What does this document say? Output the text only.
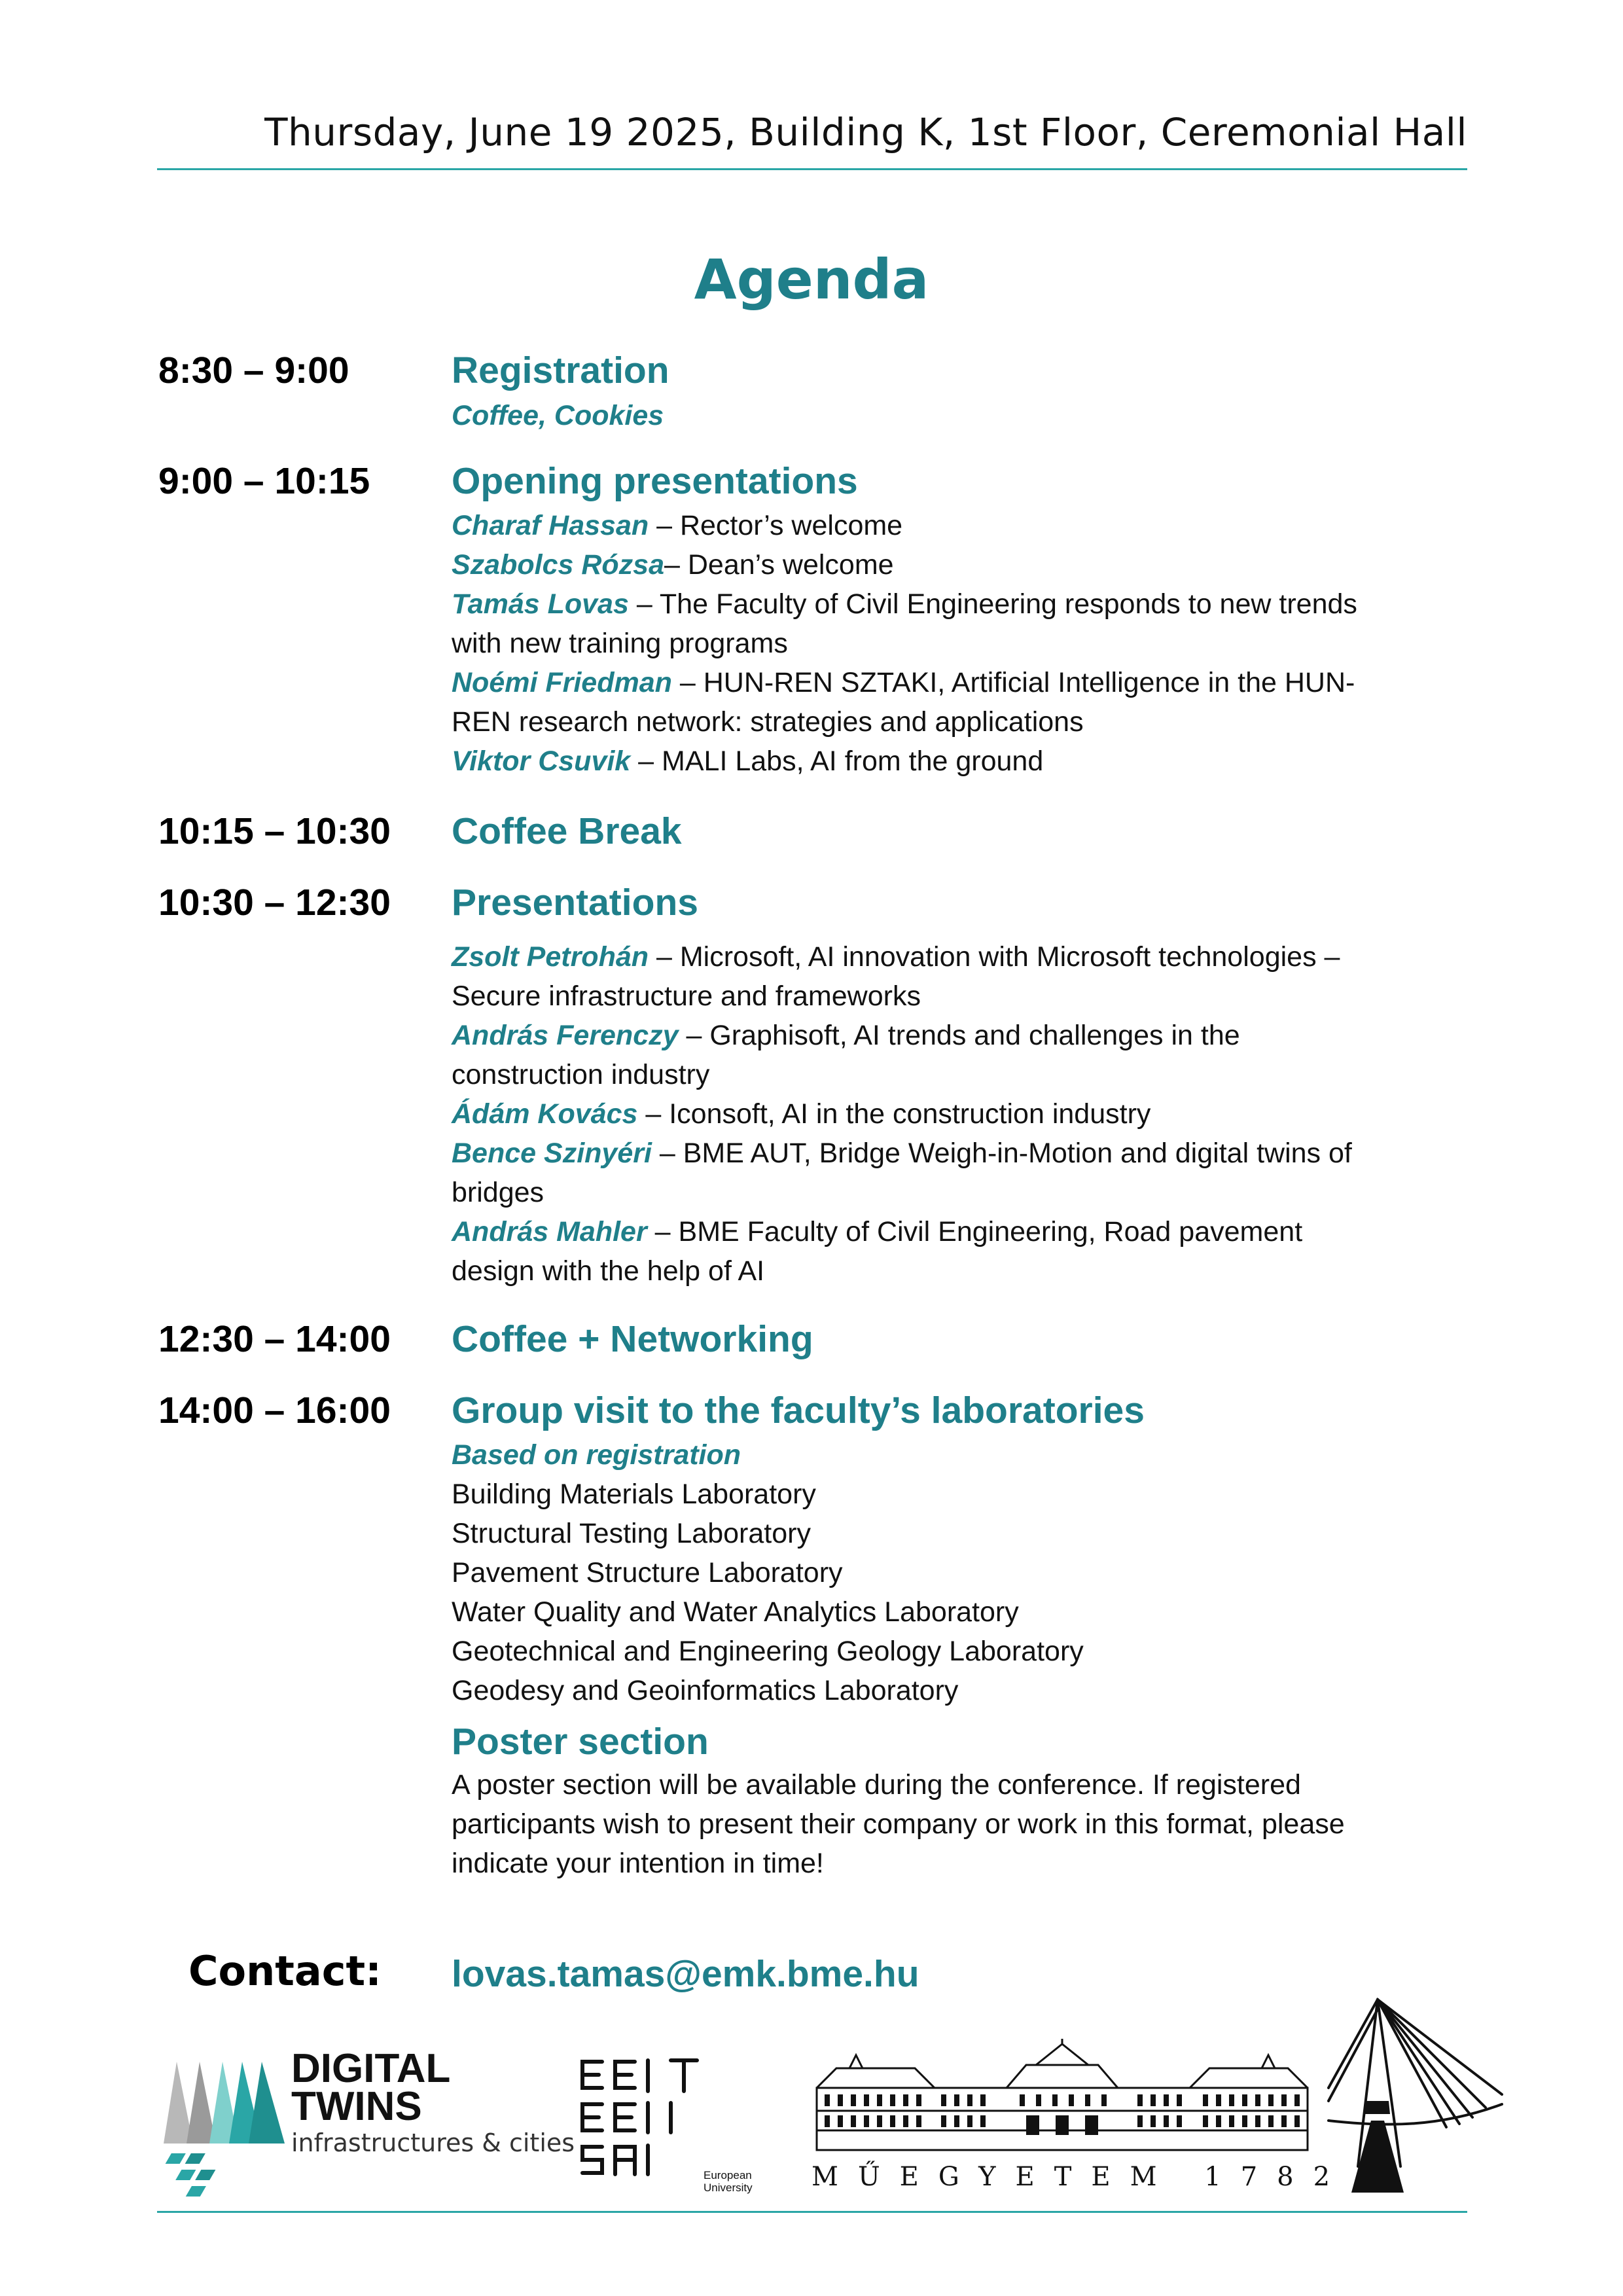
Thursday, June 19 2025, Building K, 1st Floor, Ceremonial Hall
Agenda
8:30 – 9:00	Registration
Coffee, Cookies
9:00 – 10:15 Opening presentations
Charaf Hassan – Rector’s welcome
Szabolcs Rózsa– Dean’s welcome
Tamás Lovas – The Faculty of Civil Engineering responds to new trends
with new training programs
Noémi Friedman – HUN-REN SZTAKI, Artificial Intelligence in the HUN-
REN research network: strategies and applications
Viktor Csuvik – MALI Labs, AI from the ground
10:15 – 10:30 Coffee Break
10:30 – 12:30 Presentations
Zsolt Petrohán – Microsoft, AI innovation with Microsoft technologies –
Secure infrastructure and frameworks
András Ferenczy – Graphisoft, AI trends and challenges in the
construction industry
Ádám Kovács – Iconsoft, AI in the construction industry
Bence Szinyéri – BME AUT, Bridge Weigh-in-Motion and digital twins of
bridges
András Mahler – BME Faculty of Civil Engineering, Road pavement
design with the help of AI
12:30 – 14:00 Coffee + Networking
14:00 – 16:00 Group visit to the faculty’s laboratories
Based on registration
Building Materials Laboratory
Structural Testing Laboratory
Pavement Structure Laboratory
Water Quality and Water Analytics Laboratory
Geotechnical and Engineering Geology Laboratory
Geodesy and Geoinformatics Laboratory
Poster section
A poster section will be available during the conference. If registered
participants wish to present their company or work in this format, please
indicate your intention in time!
Contact: lovas.tamas@emk.bme.hu
DIGITAL
TWINS
infrastructures & cities
European
University MŰEGYETEM 1782
